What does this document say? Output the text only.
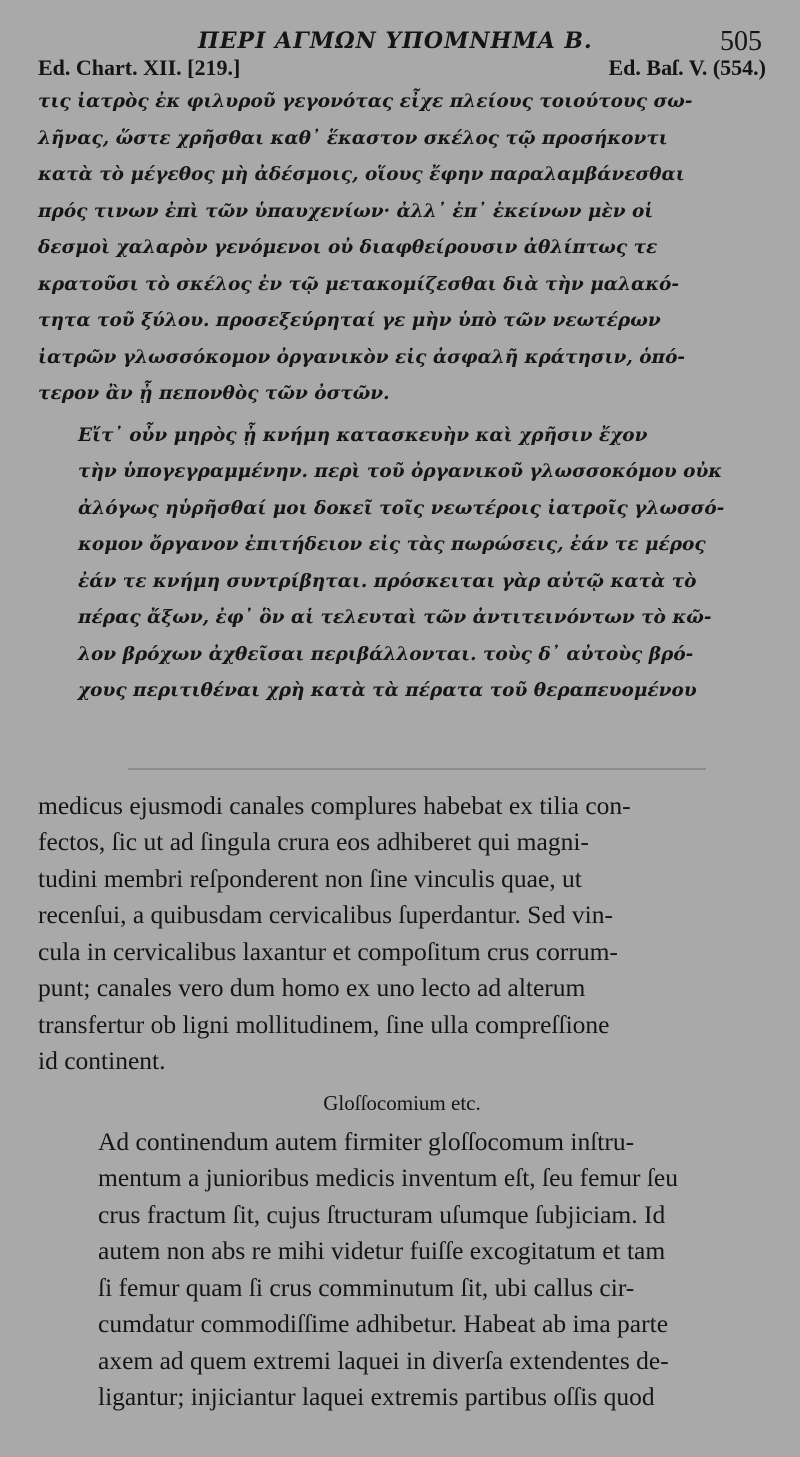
ΠΕΡΙ ΑΓΜΩΝ ΥΠΟΜΝΗΜΑ Β.	505
Ed. Chart. XII. [219.]	Ed. Baſ. V. (554.)

τις ἰατρὸς ἐκ φιλυροῦ γεγονότας εἶχε πλείους τοιούτους σω-
λῆνας, ὥστε χρῆσθαι καθ᾽ ἕκαστον σκέλος τῷ προσήκοντι
κατὰ τὸ μέγεθος μὴ ἀδέσμοις, οἵους ἔφην παραλαμβάνεσθαι
πρός τινων ἐπὶ τῶν ὑπαυχενίων· ἀλλ᾽ ἐπ᾽ ἐκείνων μὲν οἱ
δεσμοὶ χαλαρὸν γενόμενοι οὐ διαφθείρουσιν ἀθλίπτως τε
κρατοῦσι τὸ σκέλος ἐν τῷ μετακομίζεσθαι διὰ τὴν μαλακό-
τητα τοῦ ξύλου. προσεξεύρηταί γε μὴν ὑπὸ τῶν νεωτέρων
ἰατρῶν γλωσσόκομον ὀργανικὸν εἰς ἀσφαλῆ κράτησιν, ὁπό-
τερον ἂν ᾖ πεπονθὸς τῶν ὀστῶν.

Εἴτ᾽ οὖν μηρὸς ᾖ κνήμη κατασκευὴν καὶ χρῆσιν ἔχον
τὴν ὑπογεγραμμένην. περὶ τοῦ ὀργανικοῦ γλωσσοκόμου οὐκ
ἀλόγως ηὑρῆσθαί μοι δοκεῖ τοῖς νεωτέροις ἰατροῖς γλωσσό-
κομον ὄργανον ἐπιτήδειον εἰς τὰς πωρώσεις, ἐάν τε μέρος
ἐάν τε κνήμη συντρίβηται. πρόσκειται γὰρ αὐτῷ κατὰ τὸ
πέρας ἄξων, ἐφ᾽ ὃν αἱ τελευταὶ τῶν ἀντιτεινόντων τὸ κῶ-
λον βρόχων ἀχθεῖσαι περιβάλλονται. τοὺς δ᾽ αὐτοὺς βρό-
χους περιτιθέναι χρὴ κατὰ τὰ πέρατα τοῦ θεραπευομένου

medicus ejusmodi canales complures habebat ex tilia con-
fectos, ſic ut ad ſingula crura eos adhiberet qui magni-
tudini membri reſponderent non ſine vinculis quae, ut
recenſui, a quibusdam cervicalibus ſuperdantur. Sed vin-
cula in cervicalibus laxantur et compoſitum crus corrum-
punt; canales vero dum homo ex uno lecto ad alterum
transfertur ob ligni mollitudinem, ſine ulla compreſſione
id continent.

Gloſſocomium etc.

Ad continendum autem firmiter gloſſocomum inſtru-
mentum a junioribus medicis inventum eſt, ſeu femur ſeu
crus fractum ſit, cujus ſtructuram uſumque ſubjiciam. Id
autem non abs re mihi videtur fuiſſe excogitatum et tam
ſi femur quam ſi crus comminutum ſit, ubi callus cir-
cumdatur commodiſſime adhibetur. Habeat ab ima parte
axem ad quem extremi laquei in diverſa extendentes de-
ligantur; injiciantur laquei extremis partibus oſſis quod
